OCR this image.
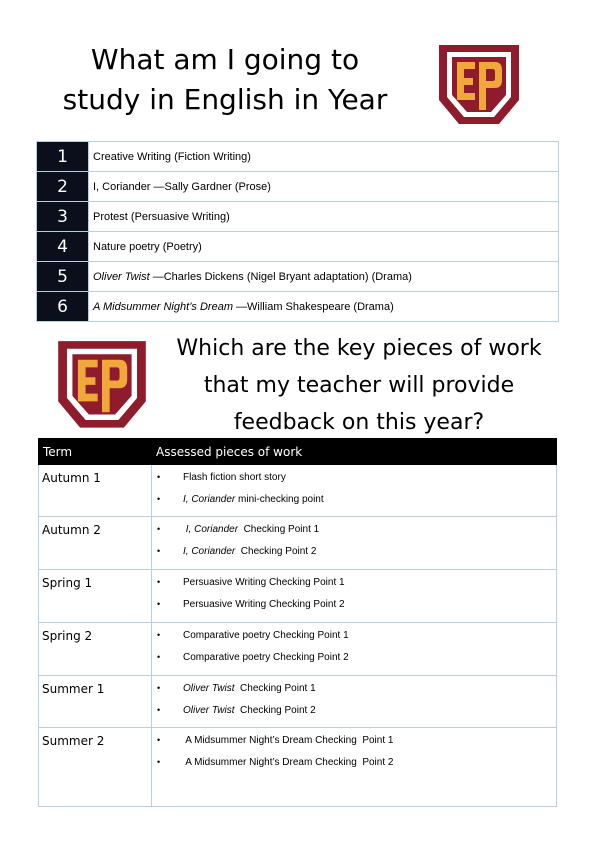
What am I going to
study in English in Year
1	Creative Writing (Fiction Writing)
2	I, Coriander —Sally Gardner (Prose)
3	Protest (Persuasive Writing)
4	Nature poetry (Poetry)
5	Oliver Twist —Charles Dickens (Nigel Bryant adaptation) (Drama)
6	A Midsummer Night’s Dream —William Shakespeare (Drama)
Which are the key pieces of work
that my teacher will provide
feedback on this year?
Term	Assessed pieces of work
Autumn 1	• Flash fiction short story
• I, Coriander mini-checking point

Autumn 2	• I, Coriander  Checking Point 1
• I, Coriander  Checking Point 2

Spring 1	• Persuasive Writing Checking Point 1
• Persuasive Writing Checking Point 2

Spring 2	• Comparative poetry Checking Point 1
• Comparative poetry Checking Point 2

Summer 1	• Oliver Twist  Checking Point 1
• Oliver Twist  Checking Point 2

Summer 2	• A Midsummer Night’s Dream Checking  Point 1
• A Midsummer Night’s Dream Checking  Point 2
